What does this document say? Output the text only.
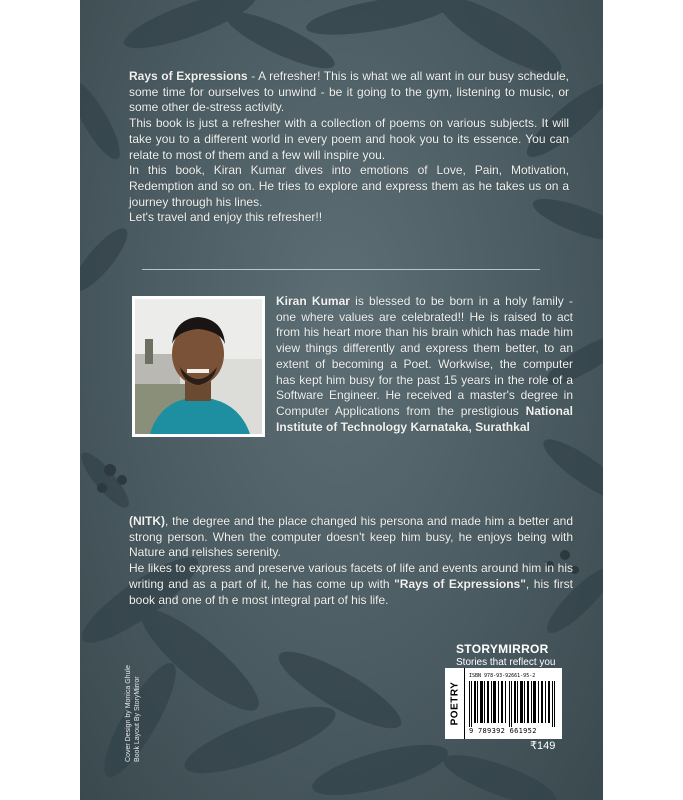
Rays of Expressions - A refresher! This is what we all want in our busy schedule, some time for ourselves to unwind - be it going to the gym, listening to music, or some other de-stress activity.

This book is just a refresher with a collection of poems on various subjects. It will take you to a different world in every poem and hook you to its essence. You can relate to most of them and a few will inspire you.

In this book, Kiran Kumar dives into emotions of Love, Pain, Motivation, Redemption and so on. He tries to explore and express them as he takes us on a journey through his lines.

Let's travel and enjoy this refresher!!

Kiran Kumar is blessed to be born in a holy family - one where values are celebrated!! He is raised to act from his heart more than his brain which has made him view things differently and express them better, to an extent of becoming a Poet. Workwise, the computer has kept him busy for the past 15 years in the role of a Software Engineer. He received a master's degree in Computer Applications from the prestigious National Institute of Technology Karnataka, Surathkal

(NITK), the degree and the place changed his persona and made him a better and strong person. When the computer doesn't keep him busy, he enjoys being with Nature and relishes serenity.

He likes to express and preserve various facets of life and events around him in his writing and as a part of it, he has come up with "Rays of Expressions", his first book and one of th e most integral part of his life.

STORYMIRROR
Stories that reflect you
POETRY
ISBN 978-93-92661-95-2
9 789392 661952
₹149
Cover Design by Monica Ghule Book Layout By StoryMirror
